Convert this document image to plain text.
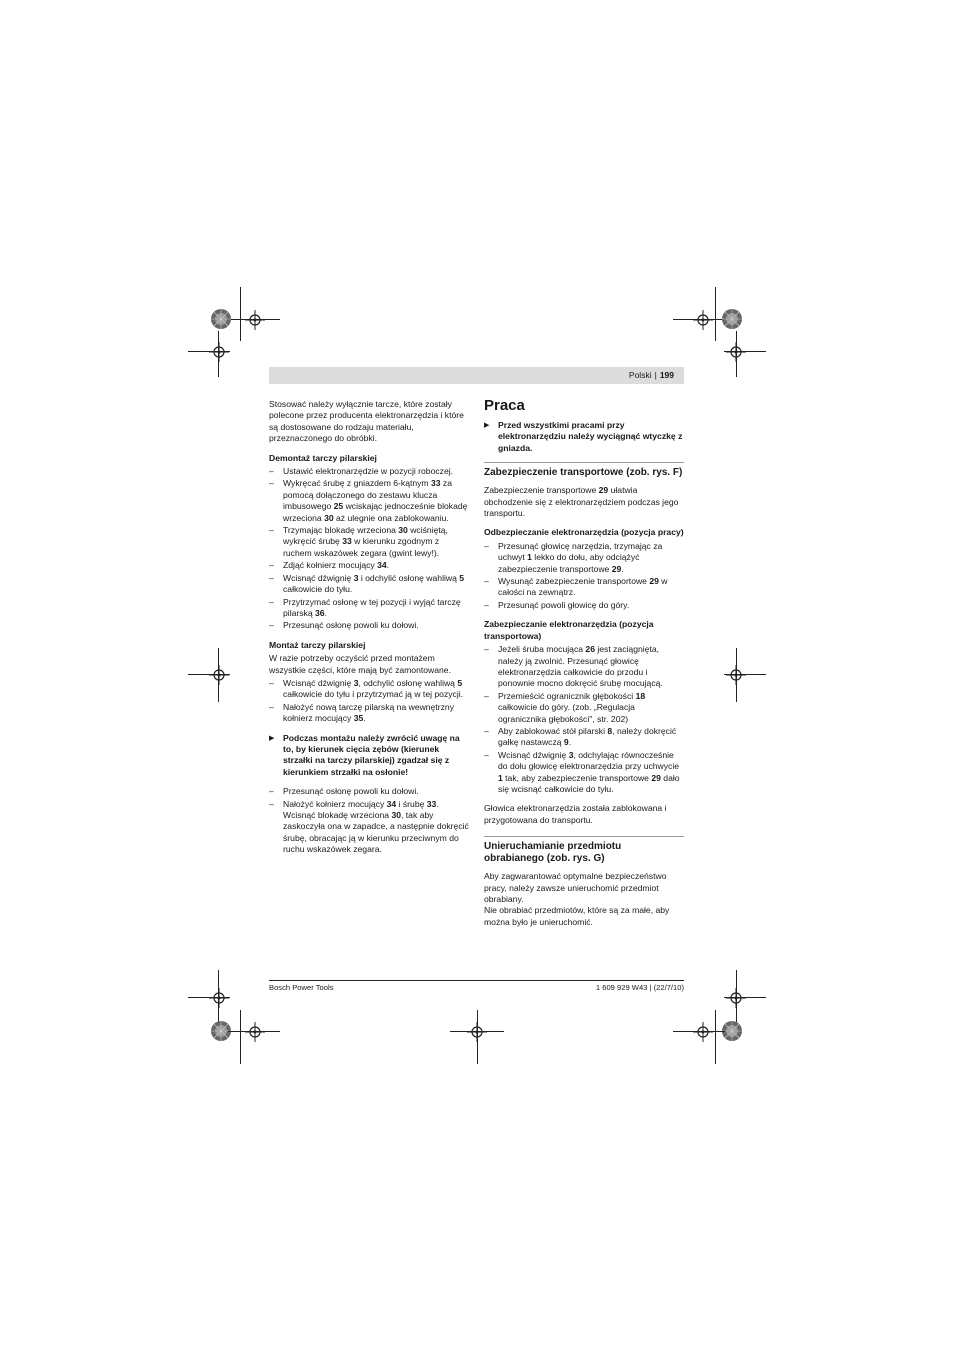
Polski | 199

Stosować należy wyłącznie tarcze, które zostały polecone przez producenta elektronarzędzia i które są dostosowane do rodzaju materiału, przeznaczonego do obróbki.

Demontaż tarczy pilarskiej
– Ustawić elektronarzędzie w pozycji roboczej.
– Wykręcać śrubę z gniazdem 6-kątnym 33 za pomocą dołączonego do zestawu klucza imbusowego 25 wciskając jednocześnie blokadę wrzeciona 30 aż ulegnie ona zablokowaniu.
– Trzymając blokadę wrzeciona 30 wciśniętą, wykręcić śrubę 33 w kierunku zgodnym z ruchem wskazówek zegara (gwint lewy!).
– Zdjąć kołnierz mocujący 34.
– Wcisnąć dźwignię 3 i odchylić osłonę wahliwą 5 całkowicie do tyłu.
– Przytrzymać osłonę w tej pozycji i wyjąć tarczę pilarską 36.
– Przesunąć osłonę powoli ku dołowi.
Montaż tarczy pilarskiej

W razie potrzeby oczyścić przed montażem wszystkie części, które mają być zamontowane.

– Wcisnąć dźwignię 3, odchylić osłonę wahliwą 5 całkowicie do tyłu i przytrzymać ją w tej pozycji.
– Nałożyć nową tarczę pilarską na wewnętrzny kołnierz mocujący 35.
▶ Podczas montażu należy zwrócić uwagę na to, by kierunek cięcia zębów (kierunek strzałki na tarczy pilarskiej) zgadzał się z kierunkiem strzałki na osłonie!
– Przesunąć osłonę powoli ku dołowi.
– Nałożyć kołnierz mocujący 34 i śrubę 33. Wcisnąć blokadę wrzeciona 30, tak aby zaskoczyła ona w zapadce, a następnie dokręcić śrubę, obracając ją w kierunku przeciwnym do ruchu wskazówek zegara.
Praca
▶ Przed wszystkimi pracami przy elektronarzędziu należy wyciągnąć wtyczkę z gniazda.
Zabezpieczenie transportowe (zob. rys. F)

Zabezpieczenie transportowe 29 ułatwia obchodzenie się z elektronarzędziem podczas jego transportu.

Odbezpieczanie elektronarzędzia (pozycja pracy)
– Przesunąć głowicę narzędzia, trzymając za uchwyt 1 lekko do dołu, aby odciążyć zabezpieczenie transportowe 29.
– Wysunąć zabezpieczenie transportowe 29 w całości na zewnątrz.
– Przesunąć powoli głowicę do góry.
Zabezpieczanie elektronarzędzia (pozycja transportowa)
– Jeżeli śruba mocująca 26 jest zaciągnięta, należy ją zwolnić. Przesunąć głowicę elektronarzędzia całkowicie do przodu i ponownie mocno dokręcić śrubę mocującą.
– Przemieścić ogranicznik głębokości 18 całkowicie do góry. (zob. „Regulacja ogranicznika głębokości", str. 202)
– Aby zablokować stół pilarski 8, należy dokręcić gałkę nastawczą 9.
– Wcisnąć dźwignię 3, odchylając równocześnie do dołu głowicę elektronarzędzia przy uchwycie 1 tak, aby zabezpieczenie transportowe 29 dało się wcisnąć całkowicie do tyłu.

Głowica elektronarzędzia została zablokowana i przygotowana do transportu.

Unieruchamianie przedmiotu obrabianego (zob. rys. G)

Aby zagwarantować optymalne bezpieczeństwo pracy, należy zawsze unieruchomić przedmiot obrabiany.

Nie obrabiać przedmiotów, które są za małe, aby można było je unieruchomić.

Bosch Power Tools	1 609 929 W43 | (22/7/10)
